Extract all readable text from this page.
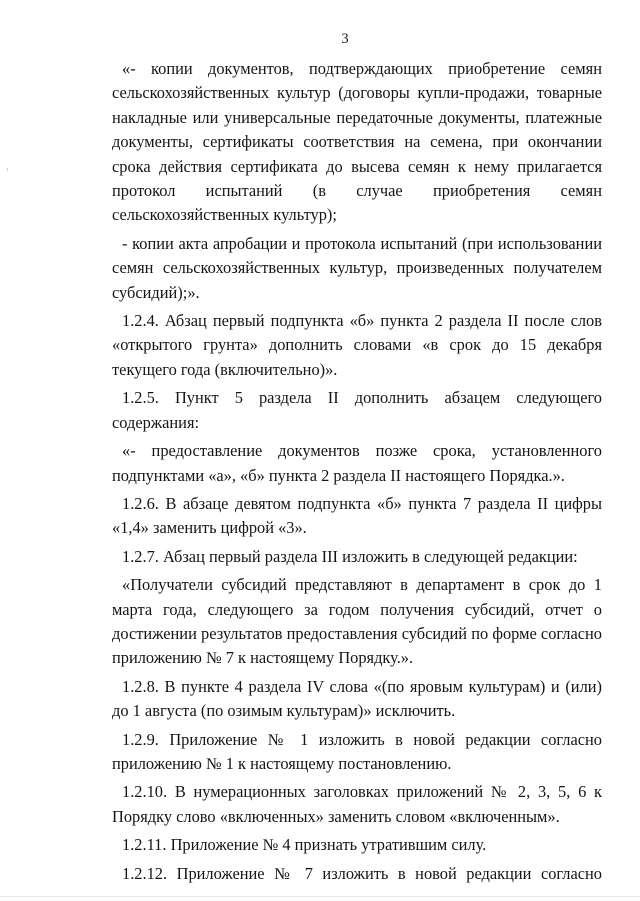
3

«- копии документов, подтверждающих приобретение семян сельскохозяйственных культур (договоры купли-продажи, товарные накладные или универсальные передаточные документы, платежные документы, сертификаты соответствия на семена, при окончании срока действия сертификата до высева семян к нему прилагается протокол испытаний (в случае приобретения семян сельскохозяйственных культур);

- копии акта апробации и протокола испытаний (при использовании семян сельскохозяйственных культур, произведенных получателем субсидий);».

1.2.4. Абзац первый подпункта «б» пункта 2 раздела II после слов «открытого грунта» дополнить словами «в срок до 15 декабря текущего года (включительно)».

1.2.5. Пункт 5 раздела II дополнить абзацем следующего содержания:

«- предоставление документов позже срока, установленного подпунктами «а», «б» пункта 2 раздела II настоящего Порядка.».

1.2.6. В абзаце девятом подпункта «б» пункта 7 раздела II цифры «1,4» заменить цифрой «3».

1.2.7. Абзац первый раздела III изложить в следующей редакции:

«Получатели субсидий представляют в департамент в срок до 1 марта года, следующего за годом получения субсидий, отчет о достижении результатов предоставления субсидий по форме согласно приложению № 7 к настоящему Порядку.».

1.2.8. В пункте 4 раздела IV слова «(по яровым культурам) и (или) до 1 августа (по озимым культурам)» исключить.

1.2.9. Приложение № 1 изложить в новой редакции согласно приложению № 1 к настоящему постановлению.

1.2.10. В нумерационных заголовках приложений № 2, 3, 5, 6 к Порядку слово «включенных» заменить словом «включенным».

1.2.11. Приложение № 4 признать утратившим силу.

1.2.12. Приложение № 7 изложить в новой редакции согласно
